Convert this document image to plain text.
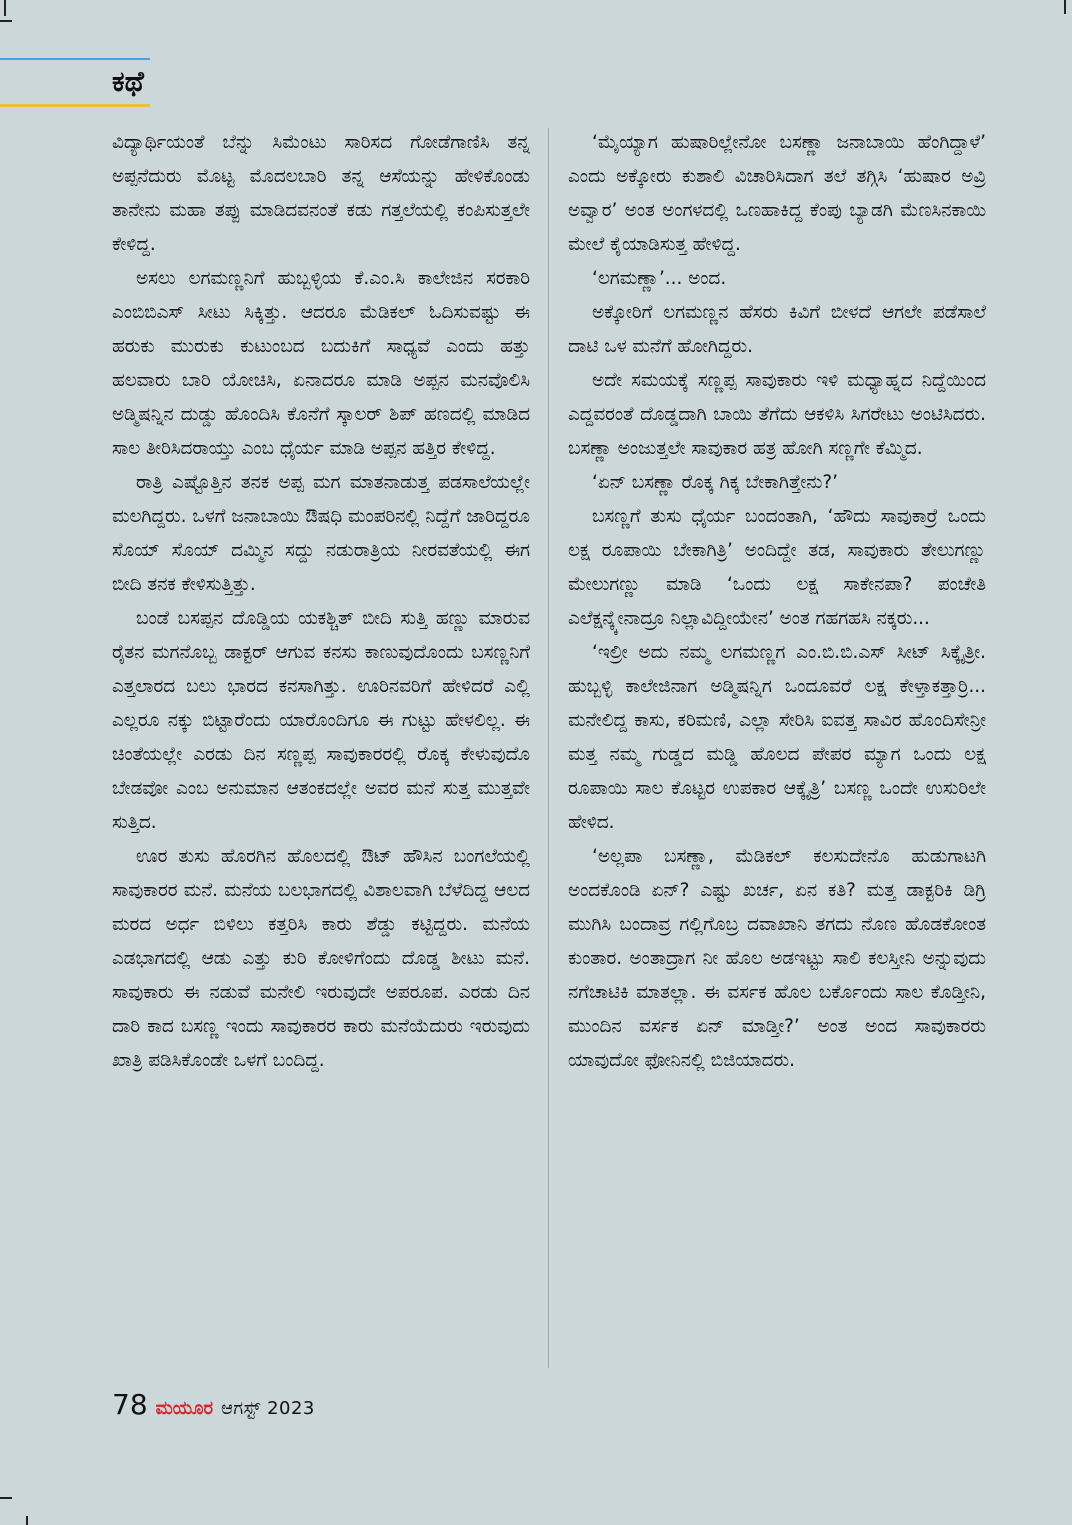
ಕಥೆ

ವಿದ್ಯಾರ್ಥಿಯಂತೆ ಬೆನ್ನು ಸಿಮೆಂಟು ಸಾರಿಸದ ಗೋಡೆಗಾಣಿಸಿ ತನ್ನ ಅಪ್ಪನೆದುರು ಮೊಟ್ಟ ಮೊದಲಬಾರಿ ತನ್ನ ಆಸೆಯನ್ನು ಹೇಳಿಕೊಂಡು ತಾನೇನು ಮಹಾ ತಪ್ಪು ಮಾಡಿದವನಂತೆ ಕಡು ಗತ್ತಲೆಯಲ್ಲಿ ಕಂಪಿಸುತ್ತಲೇ ಕೇಳಿದ್ದ.

ಅಸಲು ಲಗಮಣ್ಣನಿಗೆ ಹುಬ್ಬಳ್ಳಿಯ ಕೆ.ಎಂ.ಸಿ ಕಾಲೇಜಿನ ಸರಕಾರಿ ಎಂಬಿಬಿಎಸ್ ಸೀಟು ಸಿಕ್ಕಿತ್ತು. ಆದರೂ ಮೆಡಿಕಲ್ ಓದಿಸುವಷ್ಟು ಈ ಹರುಕು ಮುರುಕು ಕುಟುಂಬದ ಬದುಕಿಗೆ ಸಾಧ್ಯವೆ ಎಂದು ಹತ್ತು ಹಲವಾರು ಬಾರಿ ಯೋಚಿಸಿ, ಏನಾದರೂ ಮಾಡಿ ಅಪ್ಪನ ಮನವೊಲಿಸಿ ಅಡ್ಮಿಷನ್ನಿನ ದುಡ್ಡು ಹೊಂದಿಸಿ ಕೊನೆಗೆ ಸ್ಕಾಲರ್ ಶಿಪ್ ಹಣದಲ್ಲಿ ಮಾಡಿದ ಸಾಲ ತೀರಿಸಿದರಾಯ್ತು ಎಂಬ ಧೈರ್ಯ ಮಾಡಿ ಅಪ್ಪನ ಹತ್ತಿರ ಕೇಳಿದ್ದ.

ರಾತ್ರಿ ಎಷ್ಟೊತ್ತಿನ ತನಕ ಅಪ್ಪ ಮಗ ಮಾತನಾಡುತ್ತ ಪಡಸಾಲೆಯಲ್ಲೇ ಮಲಗಿದ್ದರು. ಒಳಗೆ ಜನಾಬಾಯಿ ಔಷಧಿ ಮಂಪರಿನಲ್ಲಿ ನಿದ್ದೆಗೆ ಜಾರಿದ್ದರೂ ಸೊಯ್ ಸೊಯ್ ದಮ್ಮಿನ ಸದ್ದು ನಡುರಾತ್ರಿಯ ನೀರವತೆಯಲ್ಲಿ ಈಗ ಬೀದಿ ತನಕ ಕೇಳಿಸುತ್ತಿತ್ತು.

ಬಂಡೆ ಬಸಪ್ಪನ ದೊಡ್ಡಿಯ ಯಕಶ್ಚಿತ್ ಬೀದಿ ಸುತ್ತಿ ಹಣ್ಣು ಮಾರುವ ರೈತನ ಮಗನೊಬ್ಬ ಡಾಕ್ಟರ್ ಆಗುವ ಕನಸು ಕಾಣುವುದೊಂದು ಬಸಣ್ಣನಿಗೆ ಎತ್ತಲಾರದ ಬಲು ಭಾರದ ಕನಸಾಗಿತ್ತು. ಊರಿನವರಿಗೆ ಹೇಳಿದರೆ ಎಲ್ಲಿ ಎಲ್ಲರೂ ನಕ್ಕು ಬಿಟ್ಟಾರೆಂದು ಯಾರೊಂದಿಗೂ ಈ ಗುಟ್ಟು ಹೇಳಲಿಲ್ಲ. ಈ ಚಿಂತೆಯಲ್ಲೇ ಎರಡು ದಿನ ಸಣ್ಣಪ್ಪ ಸಾವುಕಾರರಲ್ಲಿ ರೊಕ್ಕ ಕೇಳುವುದೊ ಬೇಡವೋ ಎಂಬ ಅನುಮಾನ ಆತಂಕದಲ್ಲೇ ಅವರ ಮನೆ ಸುತ್ತ ಮುತ್ತವೇ ಸುತ್ತಿದ.

ಊರ ತುಸು ಹೊರಗಿನ ಹೊಲದಲ್ಲಿ ಔಟ್ ಹೌಸಿನ ಬಂಗಲೆಯಲ್ಲಿ ಸಾವುಕಾರರ ಮನೆ. ಮನೆಯ ಬಲಭಾಗದಲ್ಲಿ ವಿಶಾಲವಾಗಿ ಬೆಳೆದಿದ್ದ ಆಲದ ಮರದ ಅರ್ಧ ಬಿಳಿಲು ಕತ್ತರಿಸಿ ಕಾರು ಶೆಡ್ಡು ಕಟ್ಟಿದ್ದರು. ಮನೆಯ ಎಡಭಾಗದಲ್ಲಿ ಆಡು ಎತ್ತು ಕುರಿ ಕೋಳಿಗೆಂದು ದೊಡ್ಡ ಶೀಟು ಮನೆ. ಸಾವುಕಾರು ಈ ನಡುವೆ ಮನೇಲಿ ಇರುವುದೇ ಅಪರೂಪ. ಎರಡು ದಿನ ದಾರಿ ಕಾದ ಬಸಣ್ಣ ಇಂದು ಸಾವುಕಾರರ ಕಾರು ಮನೆಯೆದುರು ಇರುವುದು ಖಾತ್ರಿ ಪಡಿಸಿಕೊಂಡೇ ಒಳಗೆ ಬಂದಿದ್ದ.

‘ಮೈಯ್ಯಾಗ ಹುಷಾರಿಲ್ಲೇನೋ ಬಸಣ್ಣಾ ಜನಾಬಾಯಿ ಹೆಂಗಿದ್ದಾಳೆ’ ಎಂದು ಅಕ್ಕೋರು ಕುಶಾಲಿ ವಿಚಾರಿಸಿದಾಗ ತಲೆ ತಗ್ಗಿಸಿ ‘ಹುಷಾರ ಅವ್ರಿ ಅವ್ವಾರ’ ಅಂತ ಅಂಗಳದಲ್ಲಿ ಒಣಹಾಕಿದ್ದ ಕೆಂಪು ಬ್ಯಾಡಗಿ ಮೆಣಸಿನಕಾಯಿ ಮೇಲೆ ಕೈಯಾಡಿಸುತ್ತ ಹೇಳಿದ್ದ.

‘ಲಗಮಣ್ಣಾ’... ಅಂದ.

ಅಕ್ಕೋರಿಗೆ ಲಗಮಣ್ಣನ ಹೆಸರು ಕಿವಿಗೆ ಬೀಳದೆ ಆಗಲೇ ಪಡೆಸಾಲೆ ದಾಟಿ ಒಳ ಮನೆಗೆ ಹೋಗಿದ್ದರು.

ಅದೇ ಸಮಯಕ್ಕೆ ಸಣ್ಣಪ್ಪ ಸಾವುಕಾರು ಇಳಿ ಮಧ್ಯಾಹ್ನದ ನಿದ್ದೆಯಿಂದ ಎದ್ದವರಂತೆ ದೊಡ್ಡದಾಗಿ ಬಾಯಿ ತೆಗೆದು ಆಕಳಿಸಿ ಸಿಗರೇಟು ಅಂಟಿಸಿದರು. ಬಸಣ್ಣಾ ಅಂಜುತ್ತಲೇ ಸಾವುಕಾರ ಹತ್ರ ಹೋಗಿ ಸಣ್ಣಗೇ ಕೆಮ್ಮಿದ.

‘ಏನ್ ಬಸಣ್ಣಾ ರೊಕ್ಕ ಗಿಕ್ಕ ಬೇಕಾಗಿತ್ತೇನು?’

ಬಸಣ್ಣಗೆ ತುಸು ಧೈರ್ಯ ಬಂದಂತಾಗಿ, ‘ಹೌದು ಸಾವುಕಾರ್ರೆ ಒಂದು ಲಕ್ಷ ರೂಪಾಯಿ ಬೇಕಾಗಿತ್ರಿ’ ಅಂದಿದ್ದೇ ತಡ, ಸಾವುಕಾರು ತೇಲುಗಣ್ಣು ಮೇಲುಗಣ್ಣು ಮಾಡಿ ‘ಒಂದು ಲಕ್ಷ ಸಾಕೇನಪಾ? ಪಂಚೇತಿ ಎಲೆಕ್ಷನ್ಕ್ಕೇನಾದ್ರೂ ನಿಲ್ಲಾವಿದ್ದೀಯೇನ’ ಅಂತ ಗಹಗಹಸಿ ನಕ್ಕರು...

‘ಇಲ್ರೀ ಅದು ನಮ್ಮ ಲಗಮಣ್ಣಗ ಎಂ.ಬಿ.ಬಿ.ಎಸ್ ಸೀಟ್ ಸಿಕ್ಕೈತ್ರೀ. ಹುಬ್ಬಳ್ಳಿ ಕಾಲೇಜಿನಾಗ ಅಡ್ಮಿಷನ್ನಿಗ ಒಂದೂವರೆ ಲಕ್ಷ ಕೇಳ್ತಾಕತ್ತಾರ್ರಿ... ಮನೇಲಿದ್ದ ಕಾಸು, ಕರಿಮಣಿ, ಎಲ್ಲಾ ಸೇರಿಸಿ ಐವತ್ತ ಸಾವಿರ ಹೊಂದಿಸೇನ್ರೀ ಮತ್ತ ನಮ್ಮ ಗುಡ್ಡದ ಮಡ್ಡಿ ಹೊಲದ ಪೇಪರ ಮ್ಯಾಗ ಒಂದು ಲಕ್ಷ ರೂಪಾಯಿ ಸಾಲ ಕೊಟ್ಟರ ಉಪಕಾರ ಆಕ್ಕೈತ್ರಿ’ ಬಸಣ್ಣ ಒಂದೇ ಉಸುರಿಲೇ ಹೇಳಿದ.

‘ಅಲ್ಲಪಾ ಬಸಣ್ಣಾ, ಮೆಡಿಕಲ್ ಕಲಸುದೇನೊ ಹುಡುಗಾಟಗಿ ಅಂದಕೊಂಡಿ ಏನ್? ಎಷ್ಟು ಖರ್ಚ, ಏನ ಕತಿ? ಮತ್ತ ಡಾಕ್ಟರಿಕಿ ಡಿಗ್ರಿ ಮುಗಿಸಿ ಬಂದಾವ್ರ ಗಲ್ಲಿಗೊಬ್ರ ದವಾಖಾನಿ ತಗದು ನೊಣ ಹೊಡಕೋಂತ ಕುಂತಾರ. ಅಂತಾದ್ರಾಗ ನೀ ಹೊಲ ಅಡಇಟ್ಟು ಸಾಲಿ ಕಲಸ್ತೀನಿ ಅನ್ನುವುದು ನಗೆಚಾಟಿಕಿ ಮಾತಲ್ಲಾ. ಈ ವರ್ಸಕ ಹೊಲ ಬರ್ಕೊಂದು ಸಾಲ ಕೊಡ್ತೀನಿ, ಮುಂದಿನ ವರ್ಸಕ ಏನ್ ಮಾಡ್ತೀ?’ ಅಂತ ಅಂದ ಸಾವುಕಾರರು ಯಾವುದೋ ಫೋನಿನಲ್ಲಿ ಬಿಜಿಯಾದರು.

78 ಮಯೂರ ಆಗಸ್ಟ್ 2023
